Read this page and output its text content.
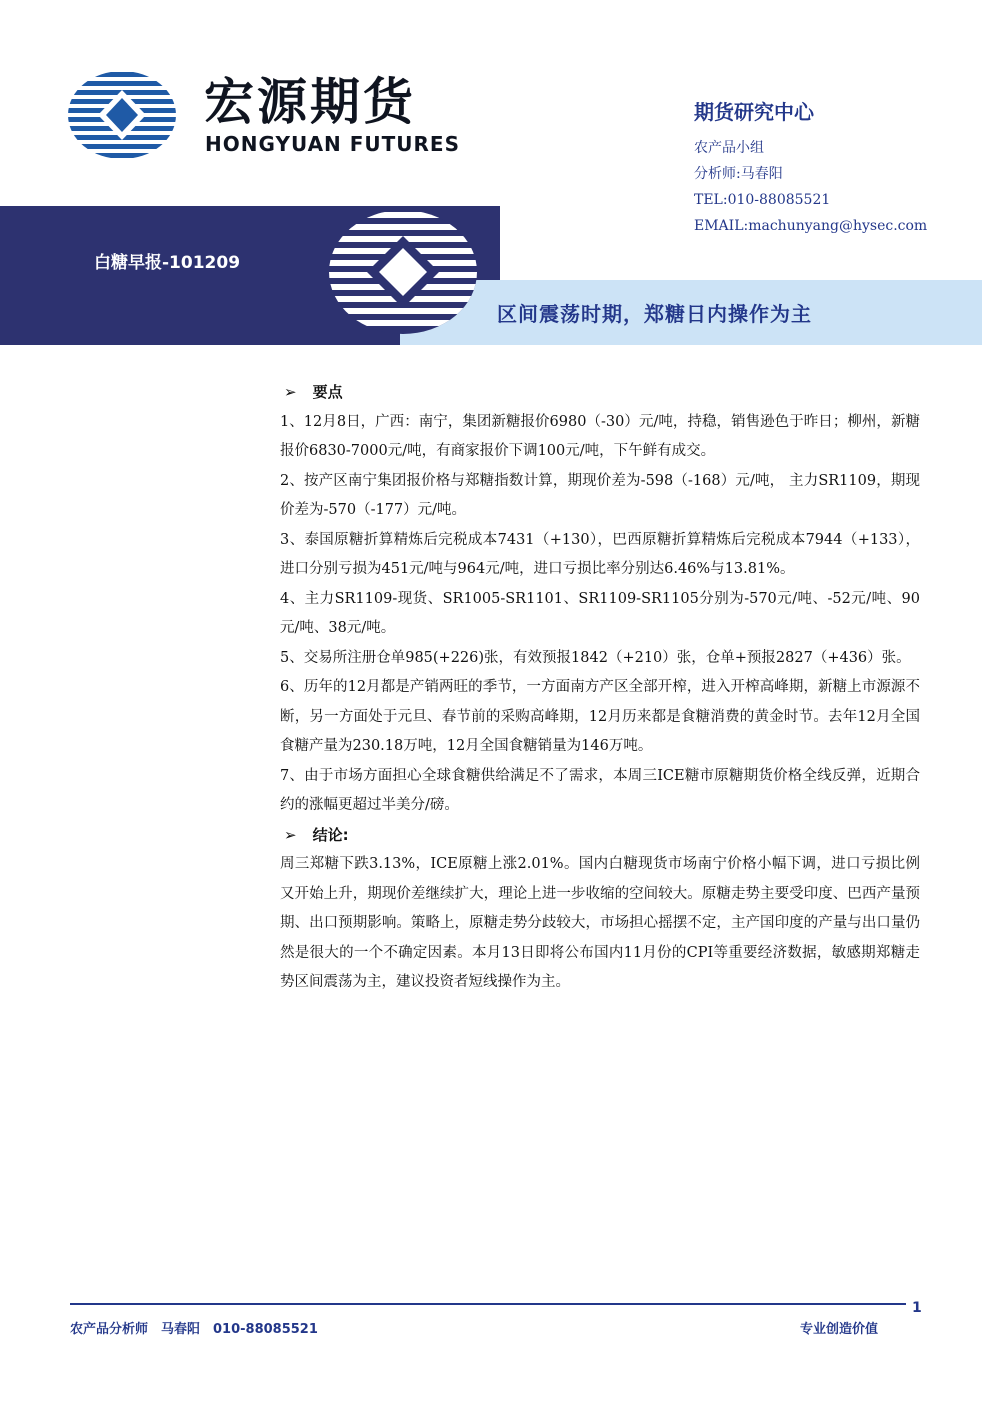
宏源期货
HONGYUAN FUTURES
期货研究中心
农产品小组
分析师:马春阳
TEL:010-88085521
EMAIL:machunyang@hysec.com
白糖早报-101209
区间震荡时期，郑糖日内操作为主
➢ 要点
1、12月8日，广西：南宁，集团新糖报价6980（-30）元/吨，持稳，销售逊色于昨日；柳州，新糖报价6830-7000元/吨，有商家报价下调100元/吨，下午鲜有成交。
2、按产区南宁集团报价格与郑糖指数计算，期现价差为-598（-168）元/吨， 主力SR1109，期现价差为-570（-177）元/吨。
3、泰国原糖折算精炼后完税成本7431（+130），巴西原糖折算精炼后完税成本7944（+133），进口分别亏损为451元/吨与964元/吨，进口亏损比率分别达6.46%与13.81%。
4、主力SR1109-现货、SR1005-SR1101、SR1109-SR1105分别为-570元/吨、-52元/吨、90元/吨、38元/吨。
5、交易所注册仓单985(+226)张，有效预报1842（+210）张，仓单+预报2827（+436）张。
6、历年的12月都是产销两旺的季节，一方面南方产区全部开榨，进入开榨高峰期，新糖上市源源不断，另一方面处于元旦、春节前的采购高峰期，12月历来都是食糖消费的黄金时节。去年12月全国食糖产量为230.18万吨，12月全国食糖销量为146万吨。
7、由于市场方面担心全球食糖供给满足不了需求，本周三ICE糖市原糖期货价格全线反弹，近期合约的涨幅更超过半美分/磅。
➢ 结论:
周三郑糖下跌3.13%，ICE原糖上涨2.01%。国内白糖现货市场南宁价格小幅下调，进口亏损比例又开始上升，期现价差继续扩大，理论上进一步收缩的空间较大。原糖走势主要受印度、巴西产量预期、出口预期影响。策略上，原糖走势分歧较大，市场担心摇摆不定，主产国印度的产量与出口量仍然是很大的一个不确定因素。本月13日即将公布国内11月份的CPI等重要经济数据，敏感期郑糖走势区间震荡为主，建议投资者短线操作为主。
1
农产品分析师　马春阳　010-88085521	专业创造价值
